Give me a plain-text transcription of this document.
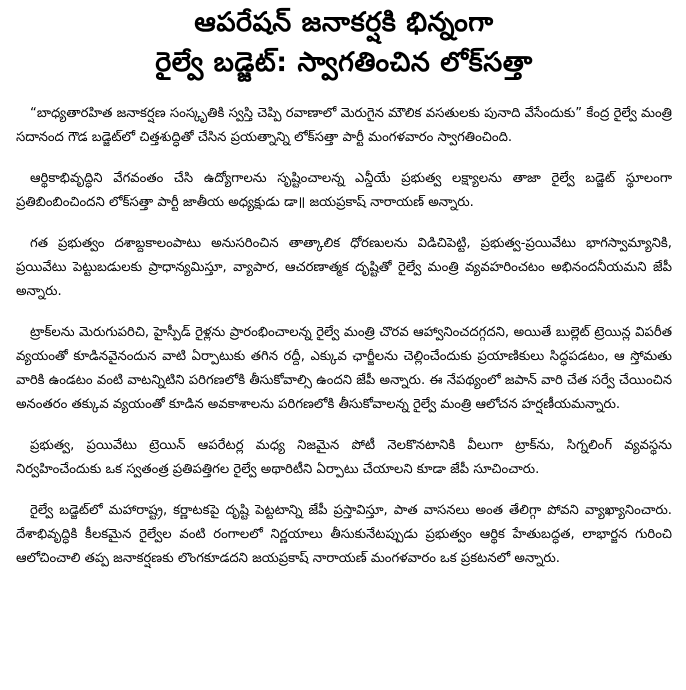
ఆపరేషన్ జనాకర్షకి భిన్నంగా
రైల్వే బడ్జెట్: స్వాగతించిన లోక్‌సత్తా

“బాధ్యతారహిత జనాకర్షణ సంస్కృతికి స్వస్తి చెప్పి రవాణాలో మెరుగైన మౌలిక వసతులకు పునాది వేసేందుకు” కేంద్ర రైల్వే మంత్రి సదానంద గౌడ బడ్జెట్‌లో చిత్తశుద్ధితో చేసిన ప్రయత్నాన్ని లోక్‌సత్తా పార్టీ మంగళవారం స్వాగతించింది.

ఆర్థికాభివృద్ధిని వేగవంతం చేసి ఉద్యోగాలను సృష్టించాలన్న ఎన్డీయే ప్రభుత్వ లక్ష్యాలను తాజా రైల్వే బడ్జెట్ స్థూలంగా ప్రతిబింబించిందని లోక్‌సత్తా పార్టీ జాతీయ అధ్యక్షుడు డా॥ జయప్రకాష్ నారాయణ్ అన్నారు.

గత ప్రభుత్వం దశాబ్దకాలంపాటు అనుసరించిన తాత్కాలిక ధోరణులను విడిచిపెట్టి, ప్రభుత్వ-ప్రయివేటు భాగస్వామ్యానికి, ప్రయివేటు పెట్టుబడులకు ప్రాధాన్యమిస్తూ, వ్యాపార, ఆచరణాత్మక దృష్టితో రైల్వే మంత్రి వ్యవహరించటం అభినందనీయమని జేపీ అన్నారు.

ట్రాక్‌లను మెరుగుపరిచి, హైస్పీడ్ రైళ్లను ప్రారంభించాలన్న రైల్వే మంత్రి చొరవ ఆహ్వానించదగ్గదని, అయితే బుల్లెట్ ట్రెయిన్ల విపరీత వ్యయంతో కూడినవైనందున వాటి ఏర్పాటుకు తగిన రద్దీ, ఎక్కువ ఛార్జీలను చెల్లించేందుకు ప్రయాణికులు సిద్ధపడటం, ఆ స్తోమతు వారికి ఉండటం వంటి వాటన్నిటిని పరిగణలోకి తీసుకోవాల్సి ఉందని జేపీ అన్నారు. ఈ నేపథ్యంలో జపాన్ వారి చేత సర్వే చేయించిన అనంతరం తక్కువ వ్యయంతో కూడిన అవకాశాలను పరిగణలోకి తీసుకోవాలన్న రైల్వే మంత్రి ఆలోచన హర్షణీయమన్నారు.

ప్రభుత్వ, ప్రయివేటు ట్రెయిన్ ఆపరేటర్ల మధ్య నిజమైన పోటీ నెలకొనటానికి వీలుగా ట్రాక్‌ను, సిగ్నలింగ్ వ్యవస్థను నిర్వహించేందుకు ఒక స్వతంత్ర ప్రతిపత్తిగల రైల్వే అథారిటీని ఏర్పాటు చేయాలని కూడా జేపీ సూచించారు.

రైల్వే బడ్జెట్‌లో మహారాష్ట్ర, కర్ణాటకపై దృష్టి పెట్టటాన్ని జేపీ ప్రస్తావిస్తూ, పాత వాసనలు అంత తేలిగ్గా పోవని వ్యాఖ్యానించారు. దేశాభివృద్ధికి కీలకమైన రైల్వేల వంటి రంగాలలో నిర్ణయాలు తీసుకునేటప్పుడు ప్రభుత్వం ఆర్థిక హేతుబద్ధత, లాభార్జన గురించి ఆలోచించాలి తప్ప జనాకర్షణకు లొంగకూడదని జయప్రకాష్ నారాయణ్ మంగళవారం ఒక ప్రకటనలో అన్నారు.
